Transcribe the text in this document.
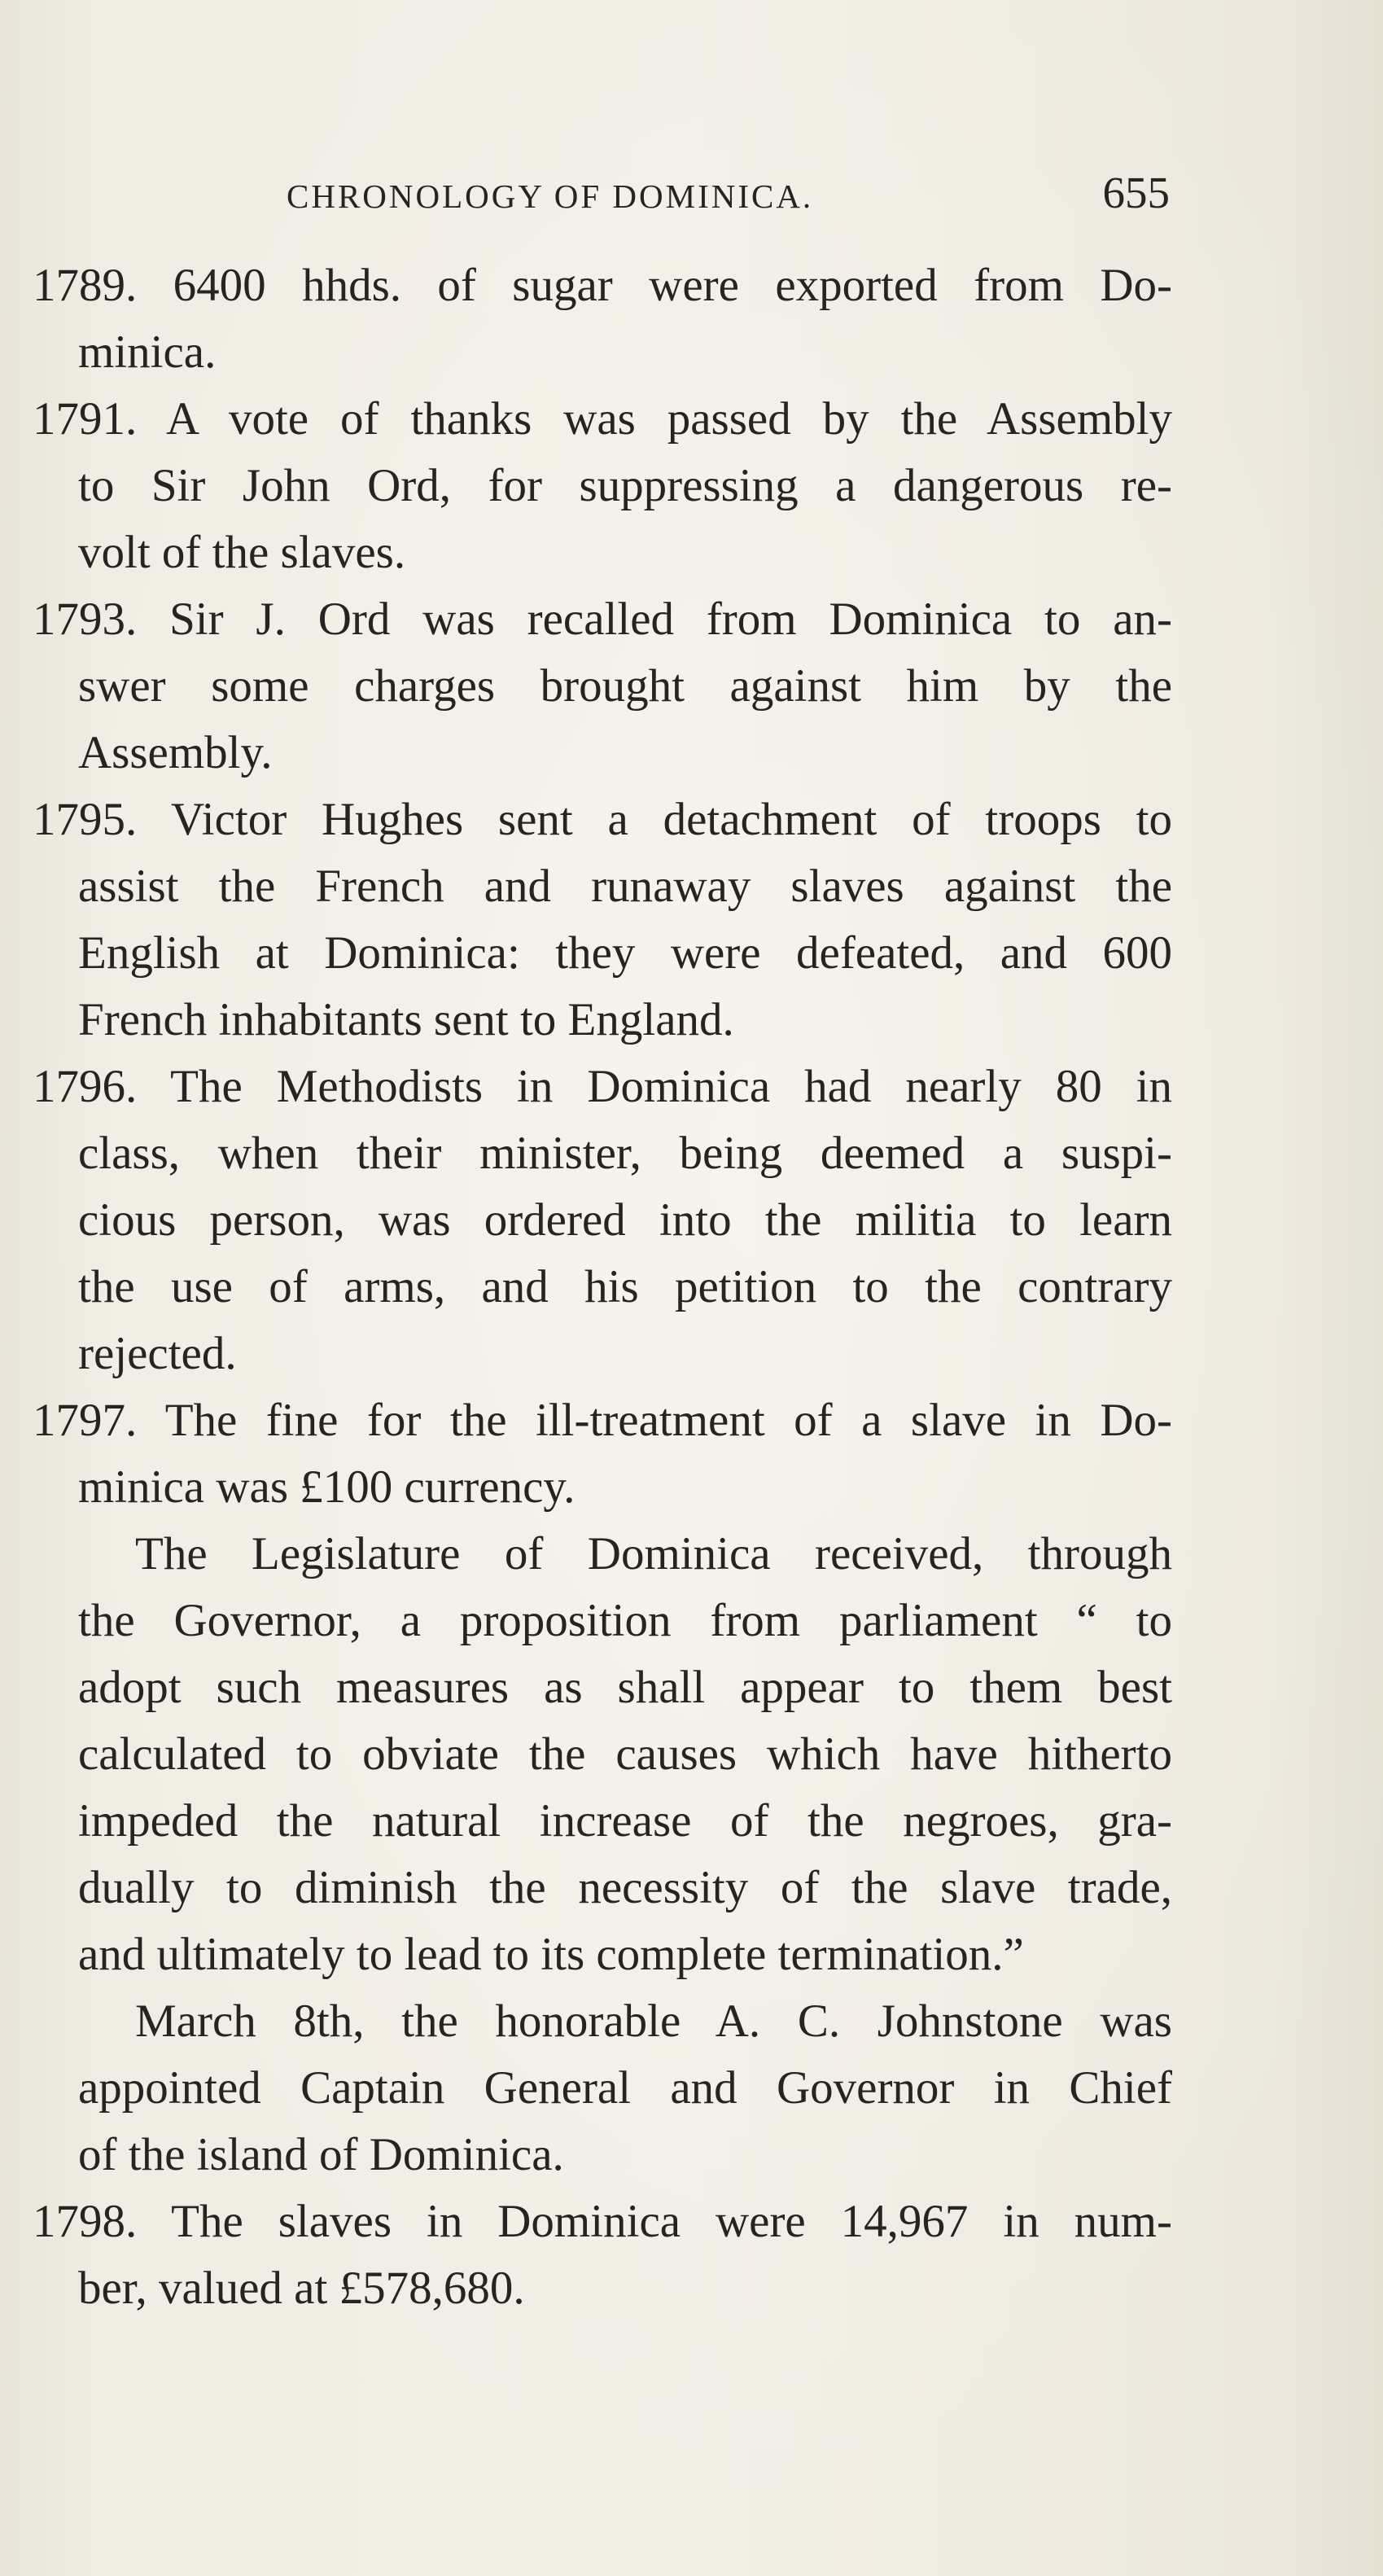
CHRONOLOGY OF DOMINICA.	655
1789. 6400 hhds. of sugar were exported from Do-
minica.
1791. A vote of thanks was passed by the Assembly
to Sir John Ord, for suppressing a dangerous re-
volt of the slaves.
1793. Sir J. Ord was recalled from Dominica to an-
swer some charges brought against him by the
Assembly.
1795. Victor Hughes sent a detachment of troops to
assist the French and runaway slaves against the
English at Dominica: they were defeated, and 600
French inhabitants sent to England.
1796. The Methodists in Dominica had nearly 80 in
class, when their minister, being deemed a suspi-
cious person, was ordered into the militia to learn
the use of arms, and his petition to the contrary
rejected.
1797. The fine for the ill-treatment of a slave in Do-
minica was £100 currency.
The Legislature of Dominica received, through
the Governor, a proposition from parliament “ to
adopt such measures as shall appear to them best
calculated to obviate the causes which have hitherto
impeded the natural increase of the negroes, gra-
dually to diminish the necessity of the slave trade,
and ultimately to lead to its complete termination.”
March 8th, the honorable A. C. Johnstone was
appointed Captain General and Governor in Chief
of the island of Dominica.
1798. The slaves in Dominica were 14,967 in num-
ber, valued at £578,680.
